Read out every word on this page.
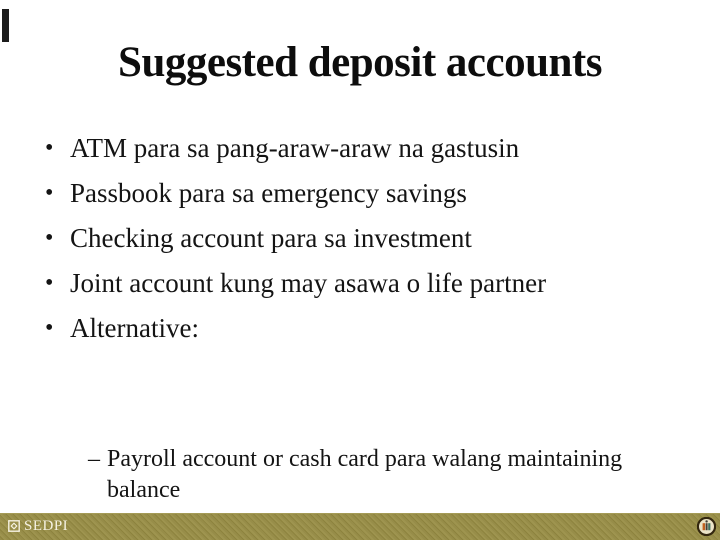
Suggested deposit accounts
• ATM para sa pang-araw-araw na gastusin
• Passbook para sa emergency savings
• Checking account para sa investment
• Joint account kung may asawa o life partner
• Alternative:
– Payroll account or cash card para walang maintaining balance
SEDPI
